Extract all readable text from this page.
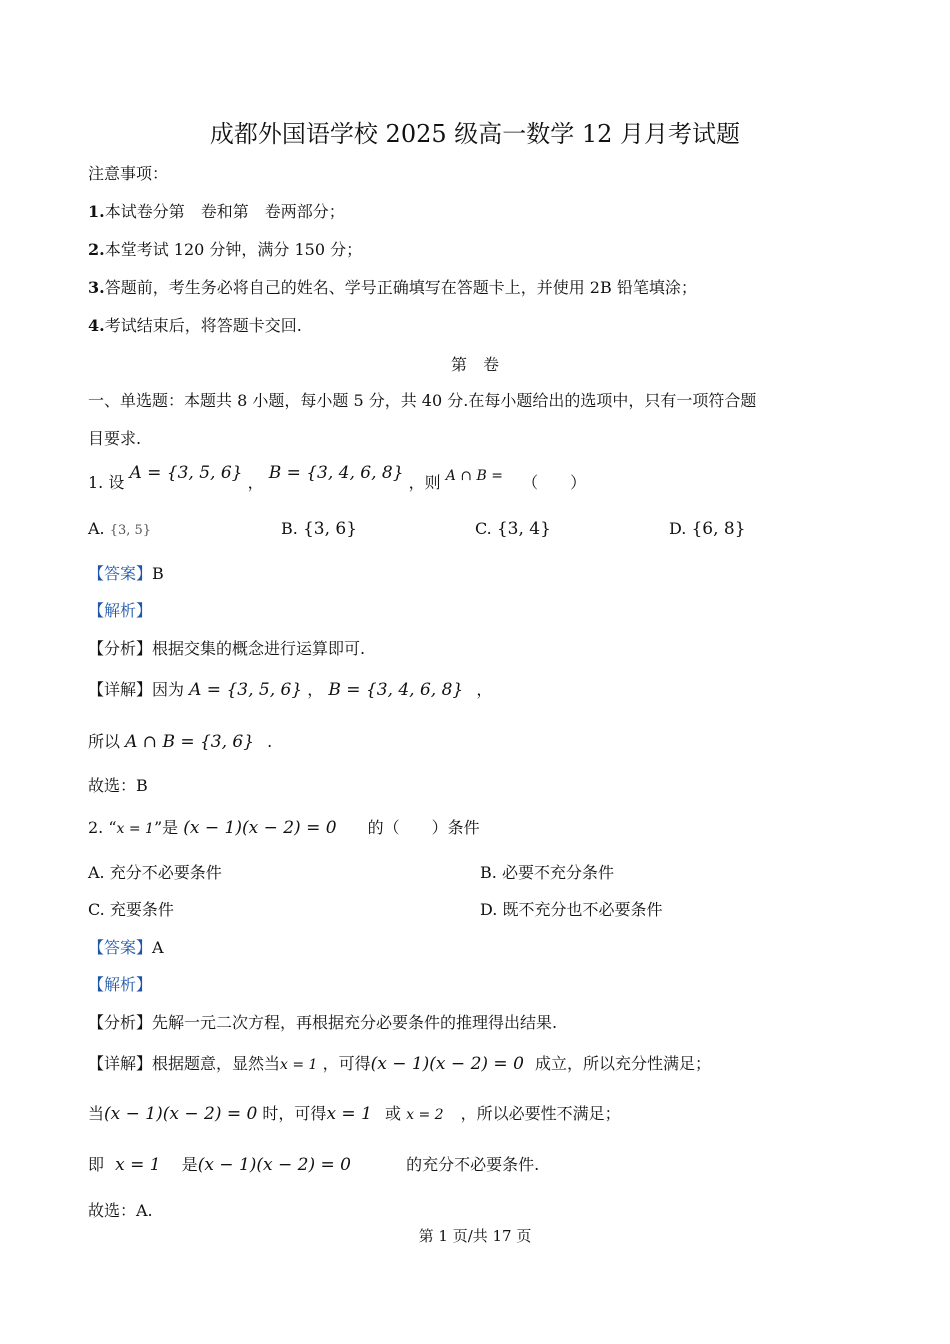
成都外国语学校 2025 级高一数学 12 月月考试题
注意事项：
1.本试卷分第　卷和第　卷两部分；
2.本堂考试 120 分钟，满分 150 分；
3.答题前，考生务必将自己的姓名、学号正确填写在答题卡上，并使用 2B 铅笔填涂；
4.考试结束后，将答题卡交回.
第　卷
一、单选题：本题共 8 小题，每小题 5 分，共 40 分.在每小题给出的选项中，只有一项符合题
目要求.
1. 设 A = {3, 5, 6} ， B = {3, 4, 6, 8} ，则 A ∩ B = （　　）
A. {3, 5}	B. {3, 6}	C. {3, 4}	D. {6, 8}
【答案】B
【解析】
【分析】根据交集的概念进行运算即可.
【详解】因为 A = {3, 5, 6} ， B = {3, 4, 6, 8} ，
所以 A ∩ B = {3, 6} .
故选：B
2. “x = 1”是 (x − 1)(x − 2) = 0 的（　　）条件
A. 充分不必要条件	B. 必要不充分条件
C. 充要条件	D. 既不充分也不必要条件
【答案】A
【解析】
【分析】先解一元二次方程，再根据充分必要条件的推理得出结果.
【详解】根据题意，显然当x = 1 ，可得(x − 1)(x − 2) = 0 成立，所以充分性满足；
当(x − 1)(x − 2) = 0 时，可得x = 1 或 x = 2 ，所以必要性不满足；
即 x = 1 是(x − 1)(x − 2) = 0	的充分不必要条件.
故选：A.
第 1 页/共 17 页
